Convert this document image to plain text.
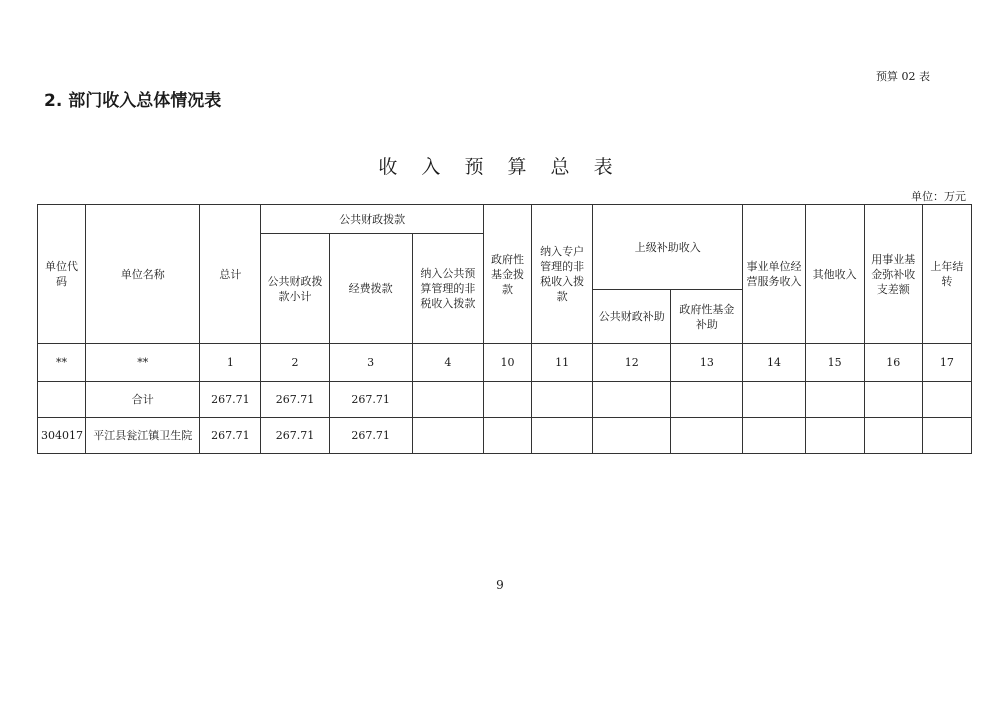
预算 02 表
2. 部门收入总体情况表
收 入 预 算 总 表
单位：万元
单位代码	单位名称	总计	公共财政拨款			政府性基金拨款	纳入专户管理的非税收入拨款	上级补助收入		事业单位经营服务收入	其他收入	用事业基金弥补收支差额	上年结转
			公共财政拨款小计	经费拨款	纳入公共预算管理的非税收入拨款								
								公共财政补助	政府性基金补助				
**	**	1	2	3	4	10	11	12	13	14	15	16	17
	合计	267.71	267.71	267.71									
304017	平江县瓮江镇卫生院	267.71	267.71	267.71									
9
